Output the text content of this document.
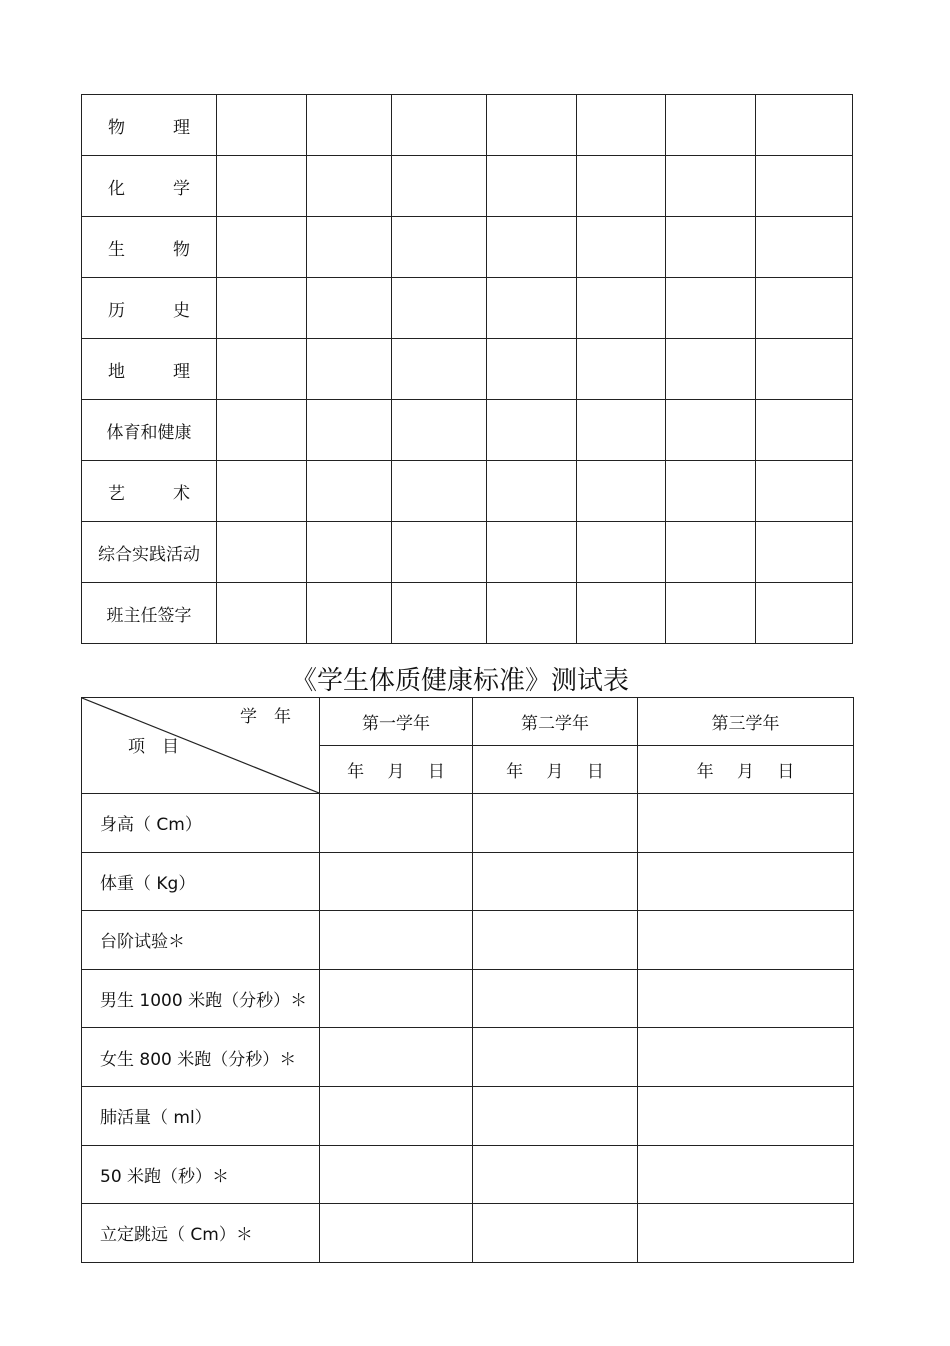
物 理							
化 学							
生 物							
历 史							
地 理							
体育和健康							
艺 术							
综合实践活动							
班主任签字							
《学生体质健康标准》测试表
学　年
项　目	第一学年	第二学年	第三学年
	年 月 日	年 月 日	年 月 日
身高（ Cm）			
体重（ Kg）			
台阶试验＊			
男生 1000 米跑（分秒）＊			
女生 800 米跑（分秒）＊			
肺活量（ ml）			
50 米跑（秒）＊			
立定跳远（ Cm）＊			
